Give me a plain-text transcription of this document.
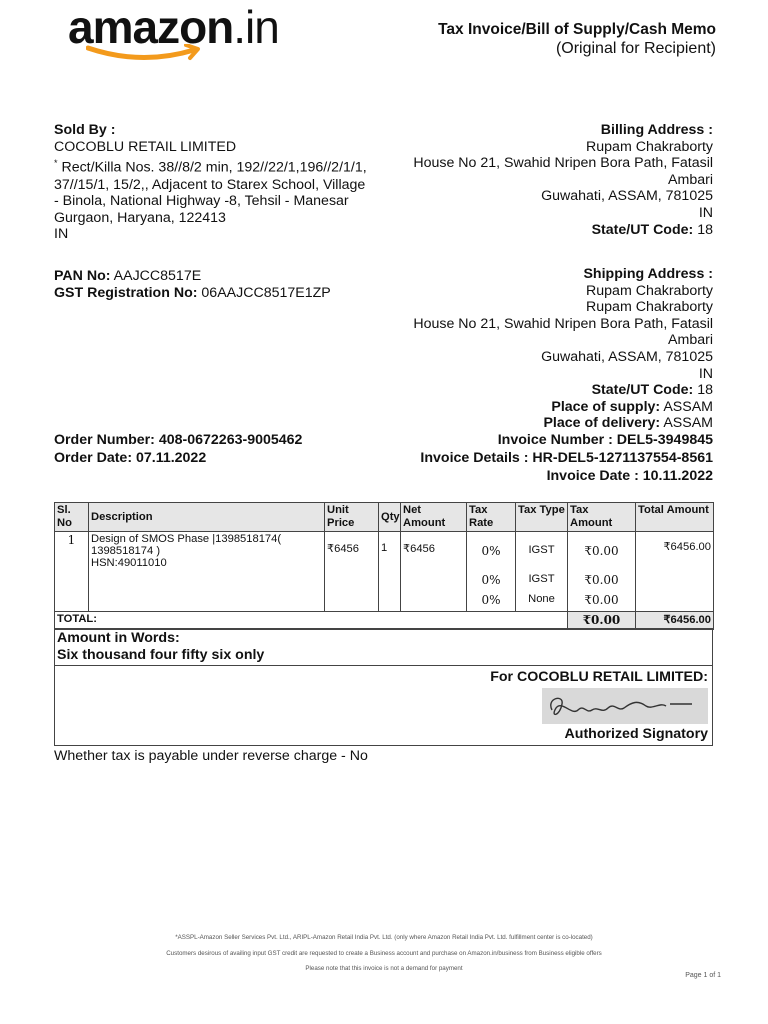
amazon.in	Tax Invoice/Bill of Supply/Cash Memo
(Original for Recipient)
Sold By :
COCOBLU RETAIL LIMITED
* Rect/Killa Nos. 38//8/2 min, 192//22/1,196//2/1/1,
37//15/1, 15/2,, Adjacent to Starex School, Village
- Binola, National Highway -8, Tehsil - Manesar
Gurgaon, Haryana, 122413
IN
Billing Address :
Rupam Chakraborty
House No 21, Swahid Nripen Bora Path, Fatasil
Ambari
Guwahati, ASSAM, 781025
IN
State/UT Code: 18
PAN No: AAJCC8517E
GST Registration No: 06AAJCC8517E1ZP
Shipping Address :
Rupam Chakraborty
Rupam Chakraborty
House No 21, Swahid Nripen Bora Path, Fatasil
Ambari
Guwahati, ASSAM, 781025
IN
State/UT Code: 18
Place of supply: ASSAM
Place of delivery: ASSAM
Order Number: 408-0672263-9005462
Order Date: 07.11.2022
Invoice Number : DEL5-3949845
Invoice Details : HR-DEL5-1271137554-8561
Invoice Date : 10.11.2022
Sl. No	Description	Unit Price	Qty	Net Amount	Tax Rate	Tax Type	Tax Amount	Total Amount
1	Design of SMOS Phase |1398518174(
1398518174 )
HSN:49011010	₹6456	1	₹6456	0%	IGST	₹0.00	₹6456.00
					0%	IGST	₹0.00	
					0%	None	₹0.00	
TOTAL:							₹0.00	₹6456.00
Amount in Words:
Six thousand four fifty six only
For COCOBLU RETAIL LIMITED:
Authorized Signatory
Whether tax is payable under reverse charge - No
*ASSPL-Amazon Seller Services Pvt. Ltd., ARIPL-Amazon Retail India Pvt. Ltd. (only where Amazon Retail India Pvt. Ltd. fulfillment center is co-located)
Customers desirous of availing input GST credit are requested to create a Business account and purchase on Amazon.in/business from Business eligible offers
Please note that this invoice is not a demand for payment
Page 1 of 1
